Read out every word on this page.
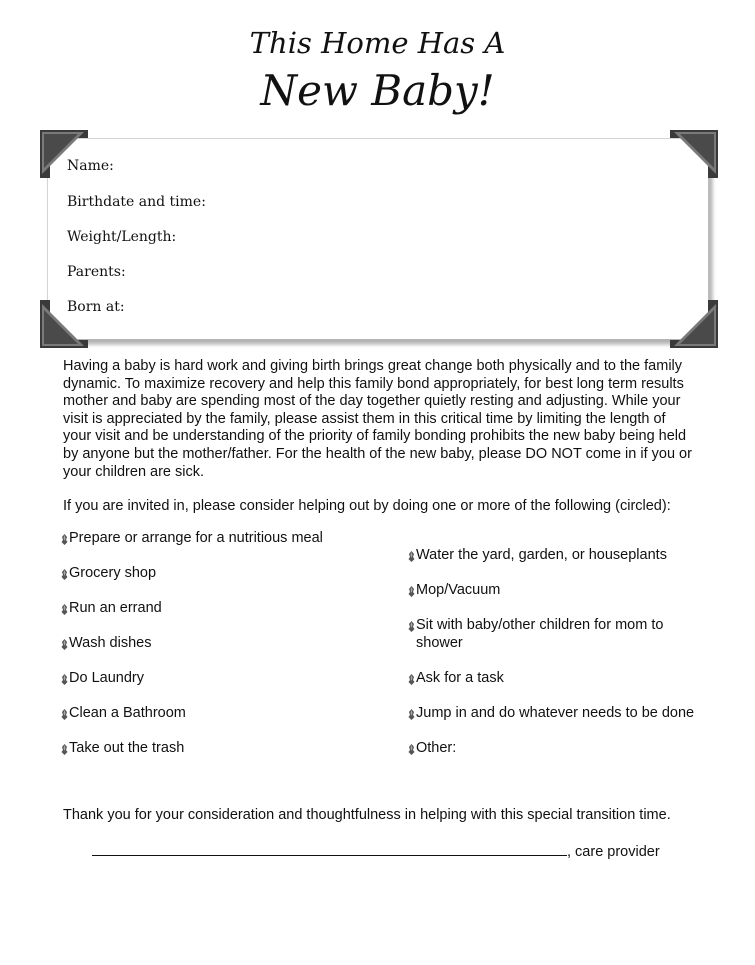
This Home Has A
New Baby!
Name:
Birthdate and time:
Weight/Length:
Parents:
Born at:
Having a baby is hard work and giving birth brings great change both physically and to the family dynamic. To maximize recovery and help this family bond appropriately, for best long term results mother and baby are spending most of the day together quietly resting and adjusting. While your visit is appreciated by the family, please assist them in this critical time by limiting the length of your visit and be understanding of the priority of family bonding prohibits the new baby being held by anyone but the mother/father. For the health of the new baby, please DO NOT come in if you or your children are sick.
If you are invited in, please consider helping out by doing one or more of the following (circled):
Prepare or arrange for a nutritious meal
Grocery shop
Run an errand
Wash dishes
Do Laundry
Clean a Bathroom
Take out the trash
Water the yard, garden, or houseplants
Mop/Vacuum
Sit with baby/other children for mom to shower
Ask for a task
Jump in and do whatever needs to be done
Other:
Thank you for your consideration and thoughtfulness in helping with this special transition time.
, care provider
